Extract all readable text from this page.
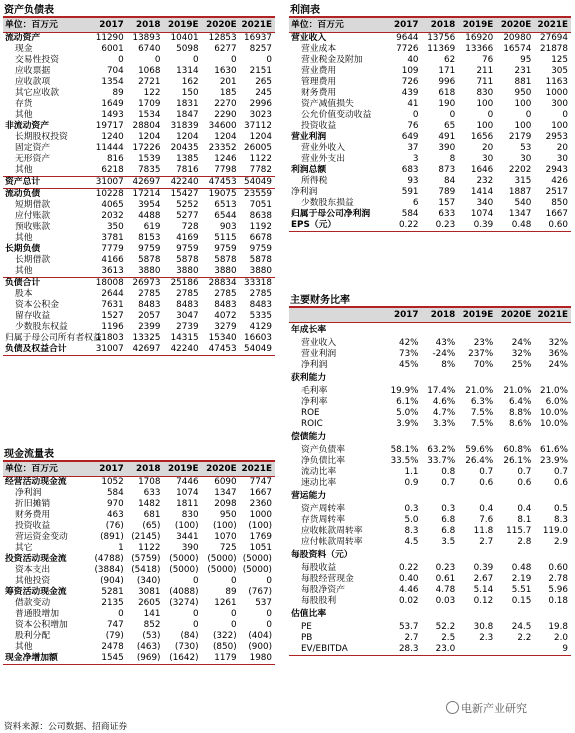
资产负债表
单位：百万元	2017	2018	2019E	2020E	2021E
流动资产	11290	13893	10401	12853	16937
现金	6001	6740	5098	6277	8257
交易性投资	0	0	0	0	0
应收票据	704	1068	1314	1630	2151
应收款项	1354	2721	162	201	265
其它应收款	89	122	150	185	245
存货	1649	1709	1831	2270	2996
其他	1493	1534	1847	2290	3023
非流动资产	19717	28804	31839	34600	37112
长期股权投资	1240	1204	1204	1204	1204
固定资产	11444	17226	20435	23352	26005
无形资产	816	1539	1385	1246	1122
其他	6218	7835	7816	7798	7782
资产总计	31007	42697	42240	47453	54049
流动负债	10228	17214	15427	19075	23559
短期借款	4065	3954	5252	6513	7051
应付账款	2032	4488	5277	6544	8638
预收账款	350	619	728	903	1192
其他	3781	8153	4169	5115	6678
长期负债	7779	9759	9759	9759	9759
长期借款	4166	5878	5878	5878	5878
其他	3613	3880	3880	3880	3880
负债合计	18008	26973	25186	28834	33318
股本	2644	2785	2785	2785	2785
资本公积金	7631	8483	8483	8483	8483
留存收益	1527	2057	3047	4072	5335
少数股东权益	1196	2399	2739	3279	4129
归属于母公司所有者权益	11803	13325	14315	15340	16603
负债及权益合计	31007	42697	42240	47453	54049
现金流量表
单位：百万元	2017	2018	2019E	2020E	2021E
经营活动现金流	1052	1708	7446	6090	7747
净利润	584	633	1074	1347	1667
折旧摊销	970	1482	1811	2098	2360
财务费用	463	681	830	950	1000
投资收益	(76)	(65)	(100)	(100)	(100)
营运资金变动	(891)	(2145)	3441	1070	1769
其它	1	1122	390	725	1051
投资活动现金流	(4788)	(5759)	(5000)	(5000)	(5000)
资本支出	(3884)	(5418)	(5000)	(5000)	(5000)
其他投资	(904)	(340)	0	0	0
筹资活动现金流	5281	3081	(4088)	89	(767)
借款变动	2135	2605	(3274)	1261	537
普通股增加	0	141	0	0	0
资本公积增加	747	852	0	0	0
股利分配	(79)	(53)	(84)	(322)	(404)
其他	2478	(463)	(730)	(850)	(900)
现金净增加额	1545	(969)	(1642)	1179	1980
利润表
单位：百万元	2017	2018	2019E	2020E	2021E
营业收入	9644	13756	16920	20980	27694
营业成本	7726	11369	13366	16574	21878
营业税金及附加	40	62	76	95	125
营业费用	109	171	211	231	305
管理费用	726	996	711	881	1163
财务费用	439	618	830	950	1000
资产减值损失	41	190	100	100	300
公允价值变动收益	0	0	0	0	0
投资收益	76	65	100	100	100
营业利润	649	491	1656	2179	2953
营业外收入	37	390	20	53	20
营业外支出	3	8	30	30	30
利润总额	683	873	1646	2202	2943
所得税	93	84	232	315	426
净利润	591	789	1414	1887	2517
少数股东损益	6	157	340	540	850
归属于母公司净利润	584	633	1074	1347	1667
EPS（元）	0.22	0.23	0.39	0.48	0.60
主要财务比率
	2017	2018	2019E	2020E	2021E
年成长率					
营业收入	42%	43%	23%	24%	32%
营业利润	73%	-24%	237%	32%	36%
净利润	45%	8%	70%	25%	24%
获利能力					
毛利率	19.9%	17.4%	21.0%	21.0%	21.0%
净利率	6.1%	4.6%	6.3%	6.4%	6.0%
ROE	5.0%	4.7%	7.5%	8.8%	10.0%
ROIC	3.9%	3.3%	7.5%	8.6%	10.0%
偿债能力					
资产负债率	58.1%	63.2%	59.6%	60.8%	61.6%
净负债比率	33.5%	33.7%	26.4%	26.1%	23.9%
流动比率	1.1	0.8	0.7	0.7	0.7
速动比率	0.9	0.7	0.6	0.6	0.6
营运能力					
资产周转率	0.3	0.3	0.4	0.4	0.5
存货周转率	5.0	6.8	7.6	8.1	8.3
应收帐款周转率	8.3	6.8	11.8	115.7	119.0
应付帐款周转率	4.5	3.5	2.7	2.8	2.9
每股资料（元）					
每股收益	0.22	0.23	0.39	0.48	0.60
每股经营现金	0.40	0.61	2.67	2.19	2.78
每股净资产	4.46	4.78	5.14	5.51	5.96
每股股利	0.02	0.03	0.12	0.15	0.18
估值比率					
PE	53.7	52.2	30.8	24.5	19.8
PB	2.7	2.5	2.3	2.2	2.0
EV/EBITDA	28.3	23.0			9
资料来源：公司数据、招商证券
电新产业研究
